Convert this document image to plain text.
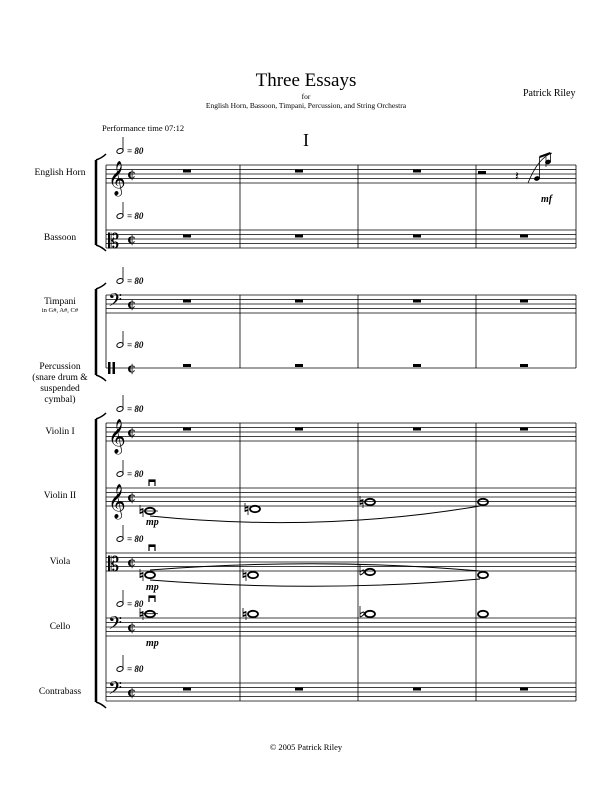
Three Essays
for
English Horn, Bassoon, Timpani, Percussion, and String Orchestra
Patrick Riley
Performance time 07:12
I
English Horn
Bassoon
Timpani
in G#, A#, C#
Percussion (snare drum & suspended cymbal)
Violin I
Violin II
Viola
Cello
Contrabass
© 2005 Patrick Riley
𝄞 ¢
𝄡 ¢
𝄢 ¢
¢
𝄞 ¢
𝄞 ¢
𝄡 ¢
𝄢 ¢
𝄢 ¢
= 80
= 80
= 80
= 80
= 80
= 80
= 80
= 80
= 80
𝄽
mf
mp
mp
mp
